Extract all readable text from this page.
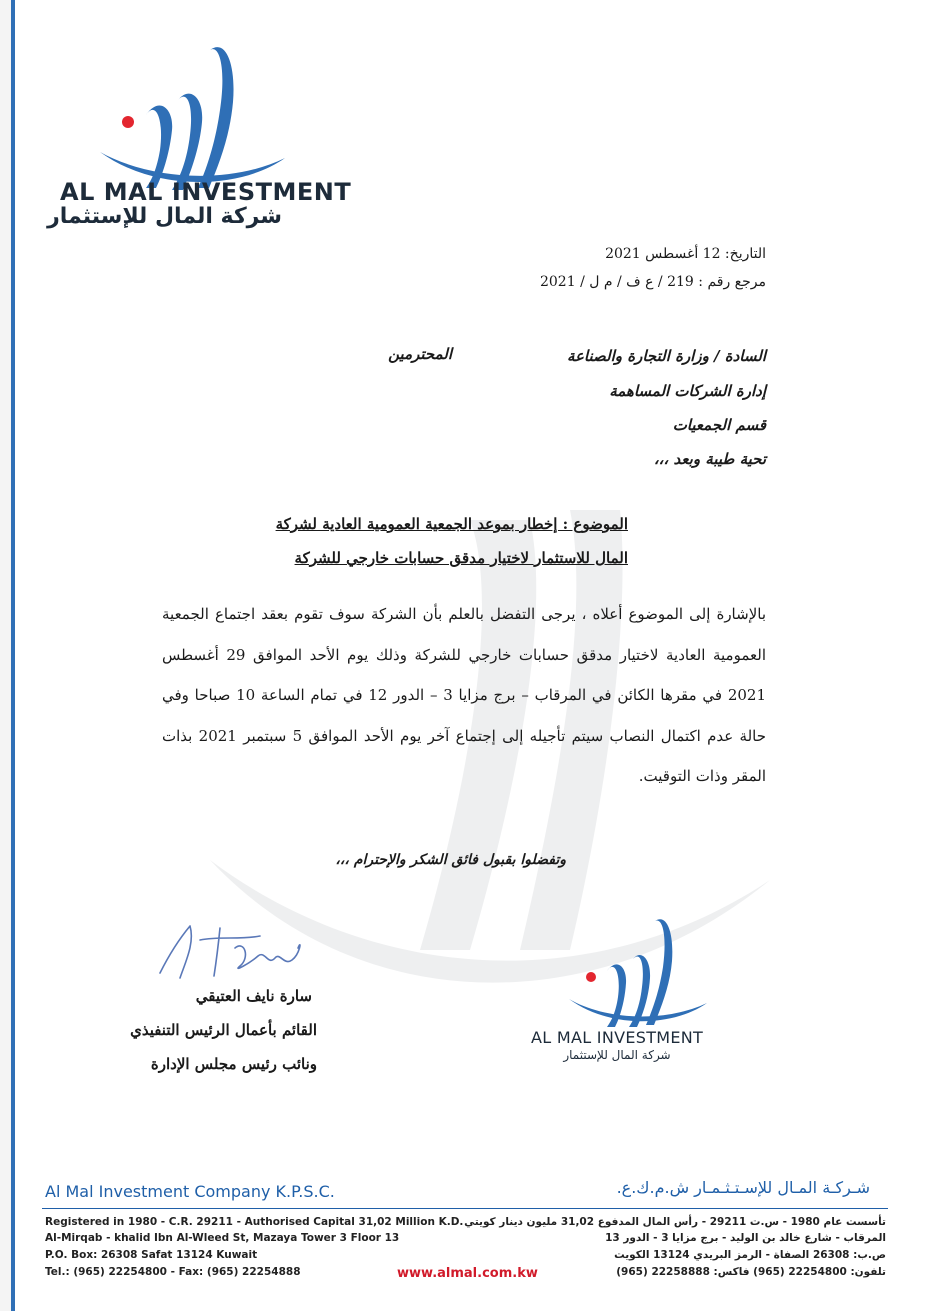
AL MAL INVESTMENT
شركة المال للإستثمار
التاريخ: 12 أغسطس 2021
مرجع رقم : 219 / ع ف / م ل / 2021
السادة / وزارة التجارة والصناعة
المحترمين
إدارة الشركات المساهمة
قسم الجمعيات
تحية طيبة وبعد ،،،
الموضوع : إخطار بموعد الجمعية العمومية العادية لشركة
المال للاستثمار لاختيار مدقق حسابات خارجي للشركة
بالإشارة إلى الموضوع أعلاه ، يرجى التفضل بالعلم بأن الشركة سوف تقوم بعقد اجتماع الجمعية العمومية العادية لاختيار مدقق حسابات خارجي للشركة وذلك يوم الأحد الموافق 29 أغسطس 2021 في مقرها الكائن في المرقاب – برج مزايا 3 – الدور 12 في تمام الساعة 10 صباحا وفي حالة عدم اكتمال النصاب سيتم تأجيله إلى إجتماع آخر يوم الأحد الموافق 5 سبتمبر 2021 بذات المقر وذات التوقيت.
وتفضلوا بقبول فائق الشكر والإحترام ،،،
سارة نايف العتيقي
القائم بأعمال الرئيس التنفيذي
ونائب رئيس مجلس الإدارة
AL MAL INVESTMENT
شركة المال للإستثمار
Al Mal Investment Company K.P.S.C.	شـركـة المـال للإسـتـثـمـار ش.م.ك.ع.
Registered in 1980 - C.R. 29211 - Authorised Capital 31,02 Million K.D.
Al-Mirqab - khalid Ibn Al-Wleed St, Mazaya Tower 3 Floor 13
P.O. Box: 26308 Safat 13124 Kuwait
Tel.: (965) 22254800 - Fax: (965) 22254888
تأسست عام 1980 - س.ت 29211 - رأس المال المدفوع 31,02 مليون دينار كويتي
المرقاب - شارع خالد بن الوليد - برج مزايا 3 - الدور 13
ص.ب: 26308 الصفاة - الرمز البريدي 13124 الكويت
تلفون: 22254800 (965) فاكس: 22258888 (965)
www.almal.com.kw
